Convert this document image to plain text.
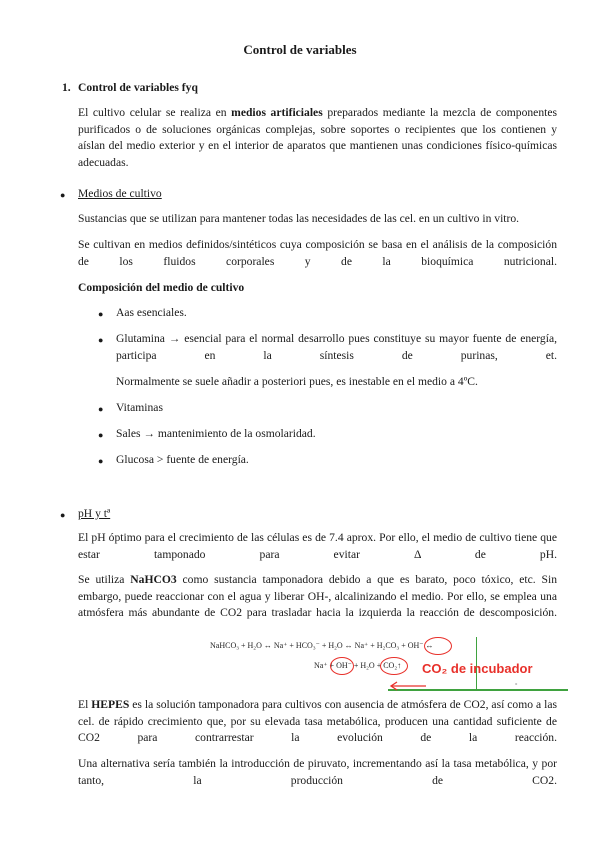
Control de variables
1. Control de variables fyq

El cultivo celular se realiza en medios artificiales preparados mediante la mezcla de componentes purificados o de soluciones orgánicas complejas, sobre soportes o recipientes que los contienen y aíslan del medio exterior y en el interior de aparatos que mantienen unas condiciones físico-químicas adecuadas.

● Medios de cultivo

Sustancias que se utilizan para mantener todas las necesidades de las cel. en un cultivo in vitro.

Se cultivan en medios definidos/sintéticos cuya composición se basa en el análisis de la composición de los fluidos corporales y de la bioquímica nutricional.

Composición del medio de cultivo
● Aas esenciales.
● Glutamina → esencial para el normal desarrollo pues constituye su mayor fuente de energía, participa en la síntesis de purinas, et.

Normalmente se suele añadir a posteriori pues, es inestable en el medio a 4ºC.

● Vitaminas
● Sales → mantenimiento de la osmolaridad.
● Glucosa > fuente de energía.
● pH y tª

El pH óptimo para el crecimiento de las células es de 7.4 aprox. Por ello, el medio de cultivo tiene que estar tamponado para evitar Δ de pH.

Se utiliza NaHCO3 como sustancia tamponadora debido a que es barato, poco tóxico, etc. Sin embargo, puede reaccionar con el agua y liberar OH-, alcalinizando el medio. Por ello, se emplea una atmósfera más abundante de CO2 para trasladar hacia la izquierda la reacción de descomposición.

NaHCO₃ + H₂O ↔ Na⁺ + HCO₃⁻ + H₂O ↔ Na⁺ + H₂CO₃ + OH⁻ ↔
Na⁺ + OH⁻ + H₂O + CO₂↑ CO₂ de incubador
°

El HEPES es la solución tamponadora para cultivos con ausencia de atmósfera de CO2, así como a las cel. de rápido crecimiento que, por su elevada tasa metabólica, producen una cantidad suficiente de CO2 para contrarrestar la evolución de la reacción.

Una alternativa sería también la introducción de piruvato, incrementando así la tasa metabólica, y por tanto, la producción de CO2.
